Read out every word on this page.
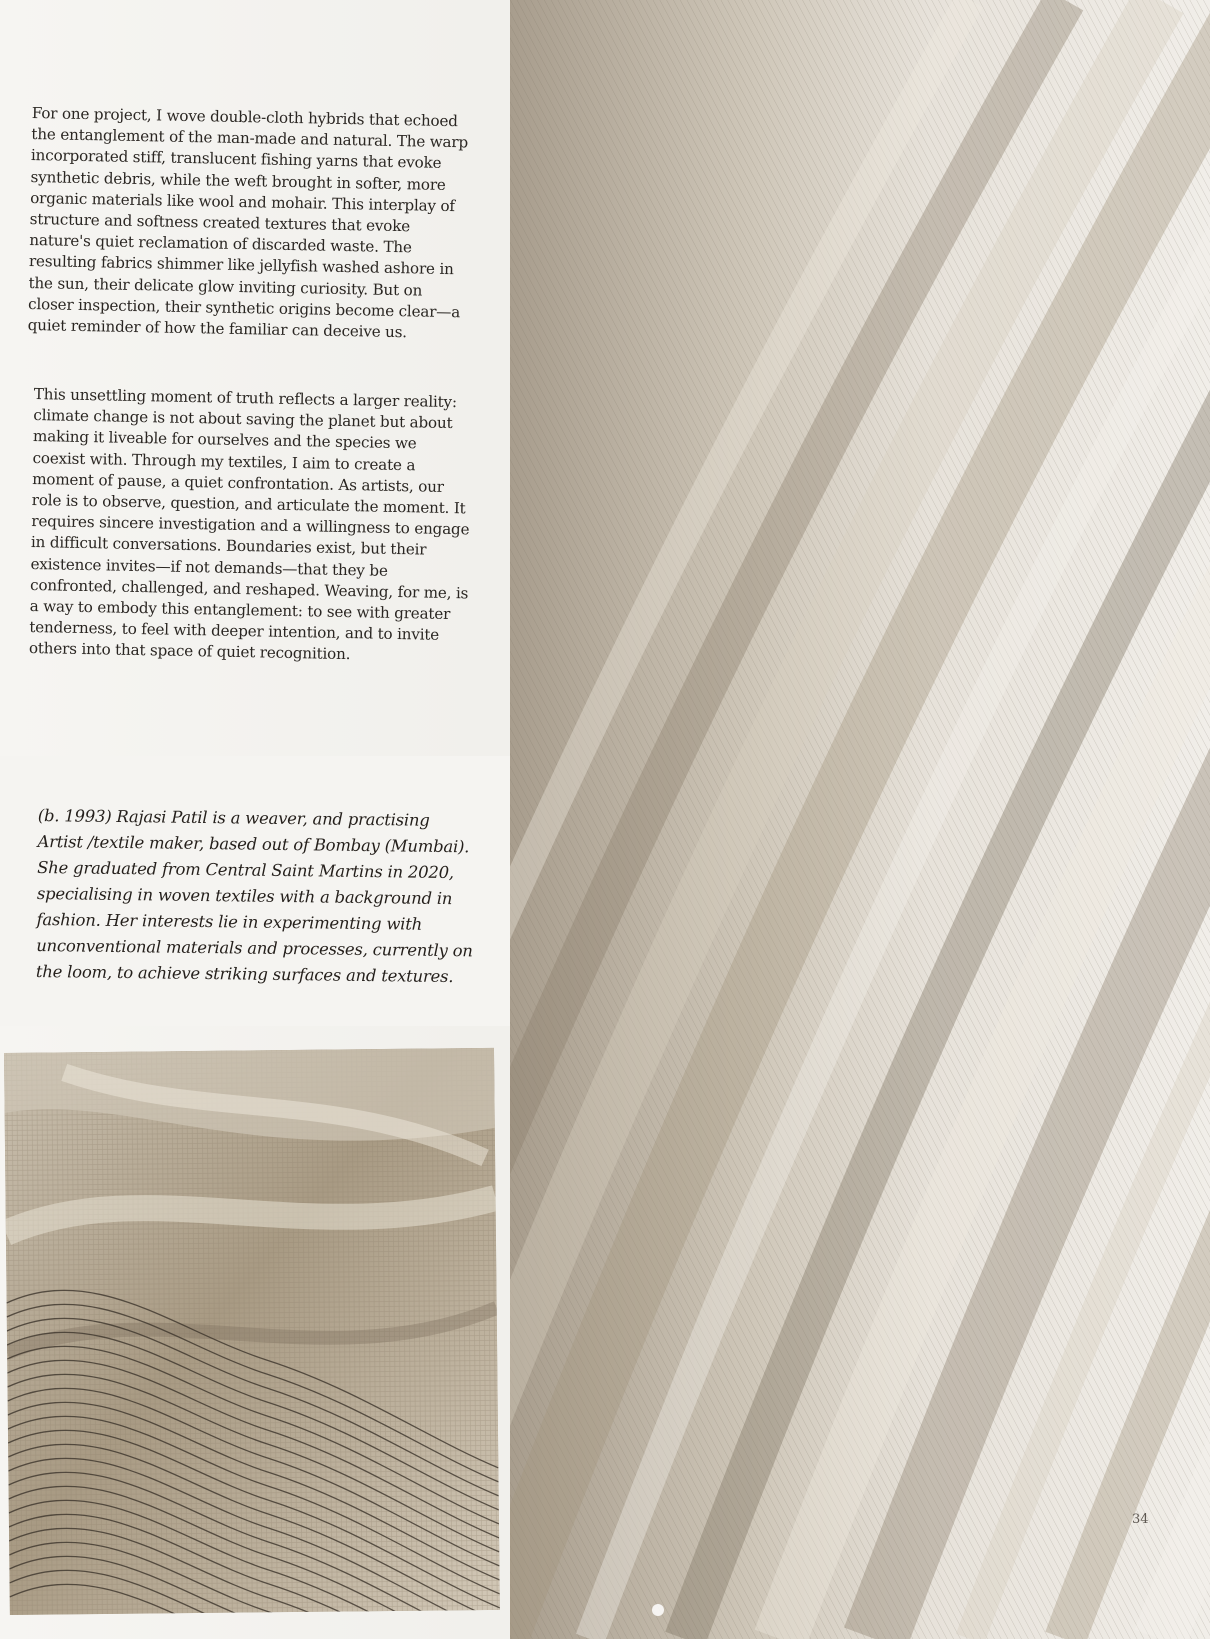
For one project, I wove double-cloth hybrids that echoed the entanglement of the man-made and natural. The warp incorporated stiff, translucent fishing yarns that evoke synthetic debris, while the weft brought in softer, more organic materials like wool and mohair. This interplay of structure and softness created textures that evoke nature's quiet reclamation of discarded waste. The resulting fabrics shimmer like jellyfish washed ashore in the sun, their delicate glow inviting curiosity. But on closer inspection, their synthetic origins become clear—a quiet reminder of how the familiar can deceive us.

This unsettling moment of truth reflects a larger reality: climate change is not about saving the planet but about making it liveable for ourselves and the species we coexist with. Through my textiles, I aim to create a moment of pause, a quiet confrontation. As artists, our role is to observe, question, and articulate the moment. It requires sincere investigation and a willingness to engage in difficult conversations. Boundaries exist, but their existence invites—if not demands—that they be confronted, challenged, and reshaped. Weaving, for me, is a way to embody this entanglement: to see with greater tenderness, to feel with deeper intention, and to invite others into that space of quiet recognition.

(b. 1993) Rajasi Patil is a weaver, and practising Artist /textile maker, based out of Bombay (Mumbai). She graduated from Central Saint Martins in 2020, specialising in woven textiles with a background in fashion. Her interests lie in experimenting with unconventional materials and processes, currently on the loom, to achieve striking surfaces and textures.

34
